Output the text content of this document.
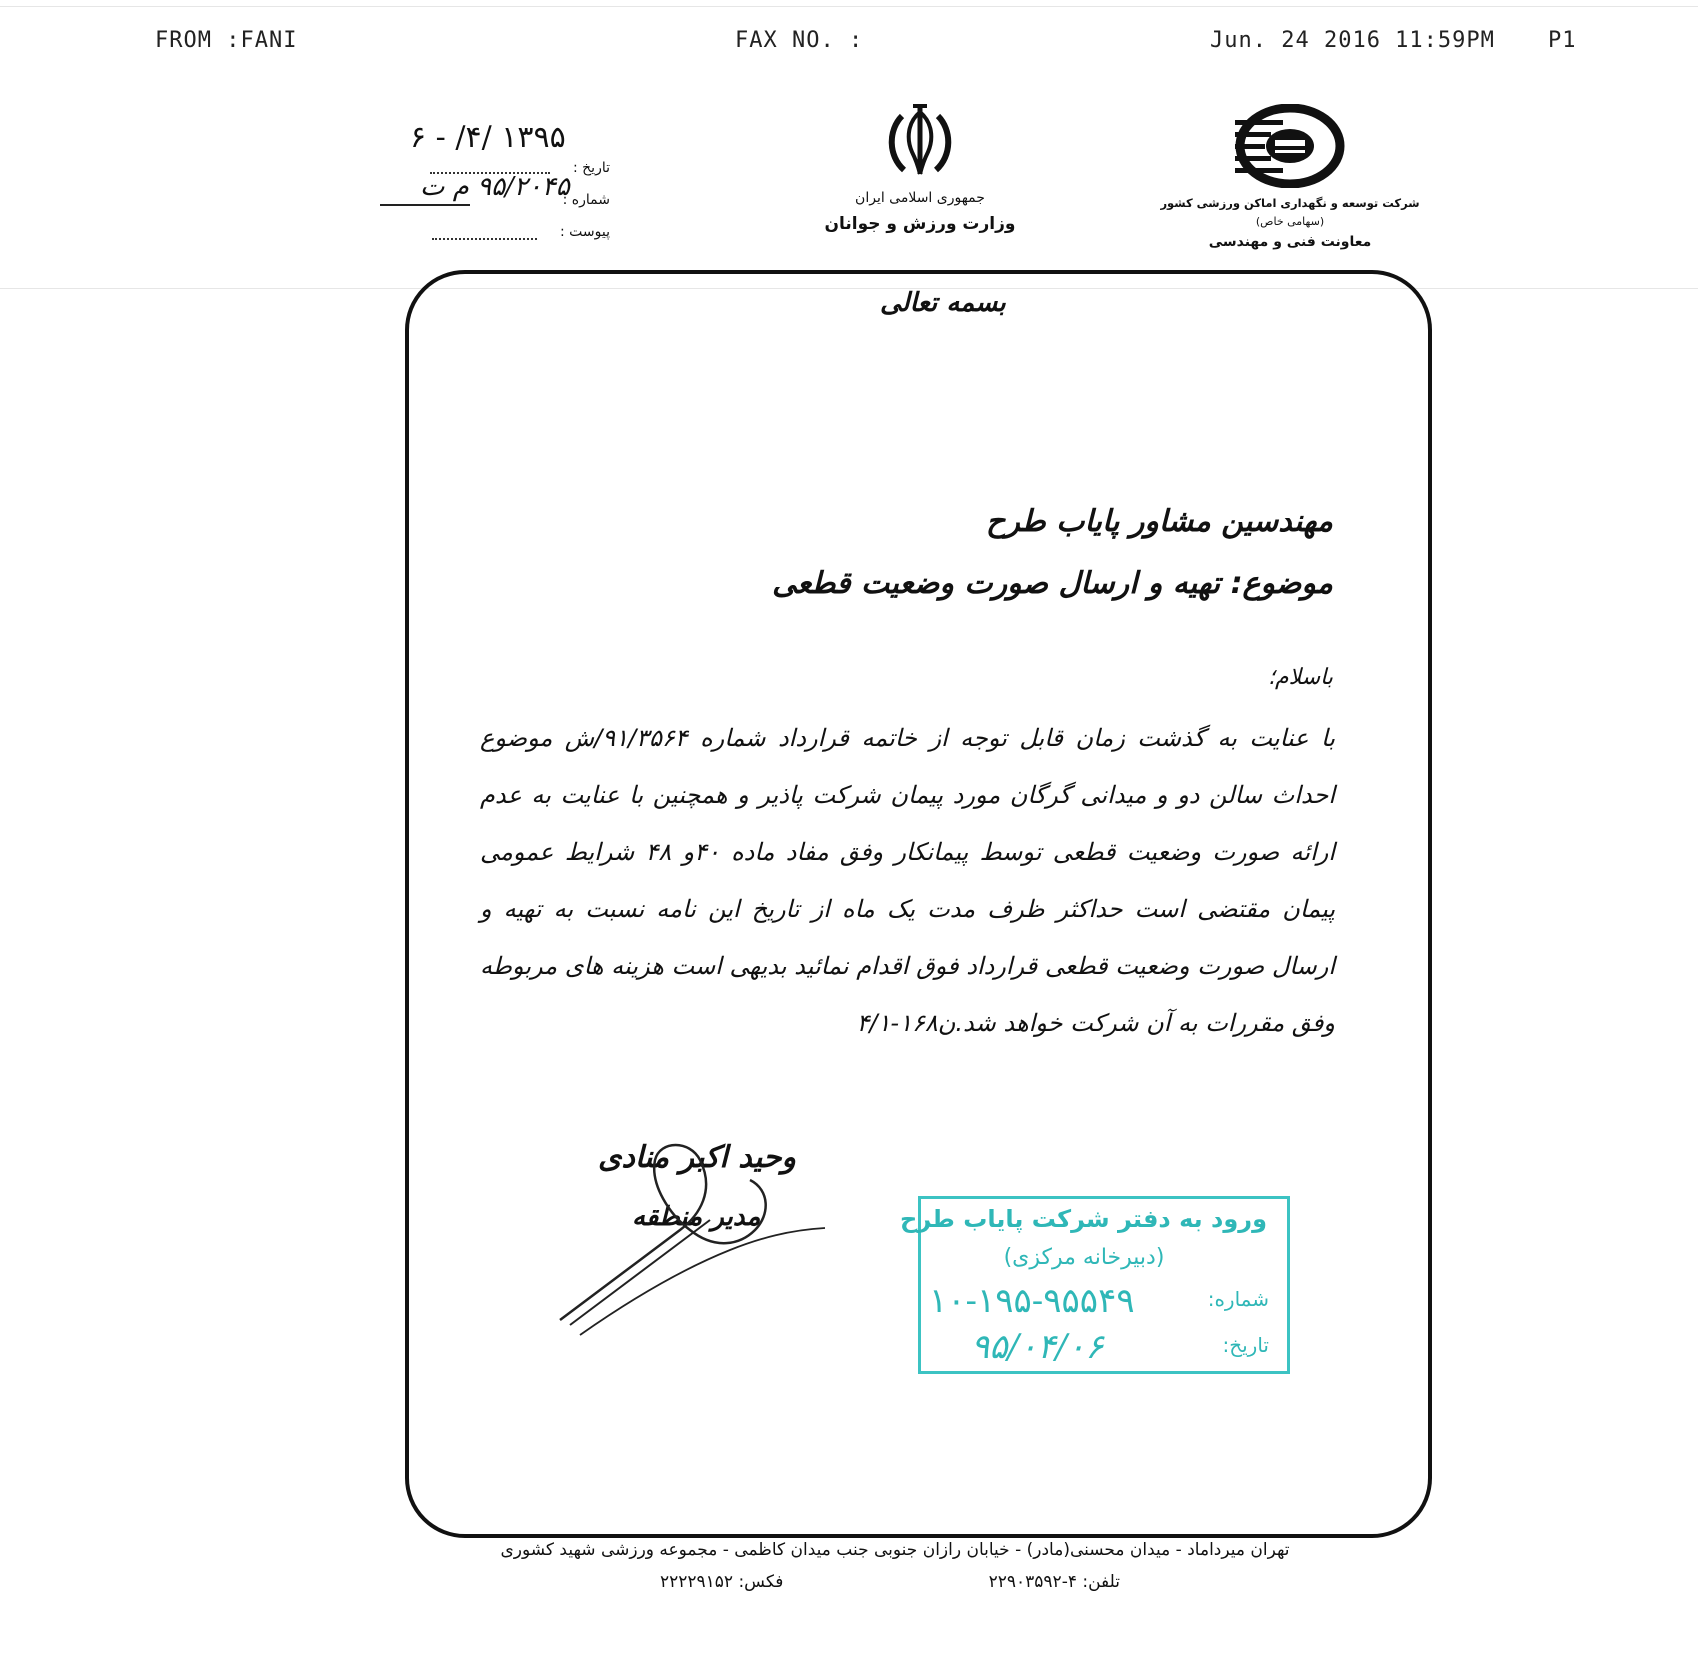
FROM :FANI	FAX NO. :	Jun. 24 2016 11:59PM P1
۱۳۹۵ /۴/ - ۶
تاریخ :
۹۵/۲۰۴۵ م ت
شماره :
پیوست :
جمهوری اسلامی ایران
وزارت ورزش و جوانان
شرکت توسعه و نگهداری اماکن ورزشی کشور
(سهامی خاص)
معاونت فنی و مهندسی
بسمه تعالی
مهندسین مشاور پایاب طرح
موضوع: تهیه و ارسال صورت وضعیت قطعی
باسلام؛

با عنایت به گذشت زمان قابل توجه از خاتمه قرارداد شماره ۹۱/۳۵۶۴/ش موضوع احداث سالن دو و میدانی گرگان مورد پیمان شرکت پاذیر و همچنین با عنایت به عدم ارائه صورت وضعیت قطعی توسط پیمانکار وفق مفاد ماده ۴۰و ۴۸ شرایط عمومی پیمان مقتضی است حداکثر ظرف مدت یک ماه از تاریخ این نامه نسبت به تهیه و ارسال صورت وضعیت قطعی قرارداد فوق اقدام نمائید بدیهی است هزینه های مربوطه وفق مقررات به آن شرکت خواهد شد.ن۱۶۸-۴/۱

وحید اکبر منادی
مدیر منطقه	ورود به دفتر شرکت پایاب طرح
(دبیرخانه مرکزی)
شماره:
۱۰-۱۹۵-۹۵۵۴۹
تاریخ:
۹۵/۰۴/۰۶
تهران میرداماد - میدان محسنی(مادر) - خیابان رازان جنوبی جنب میدان کاظمی - مجموعه ورزشی شهید کشوری
تلفن: ۴-۲۲۹۰۳۵۹۲
فکس: ۲۲۲۲۹۱۵۲
